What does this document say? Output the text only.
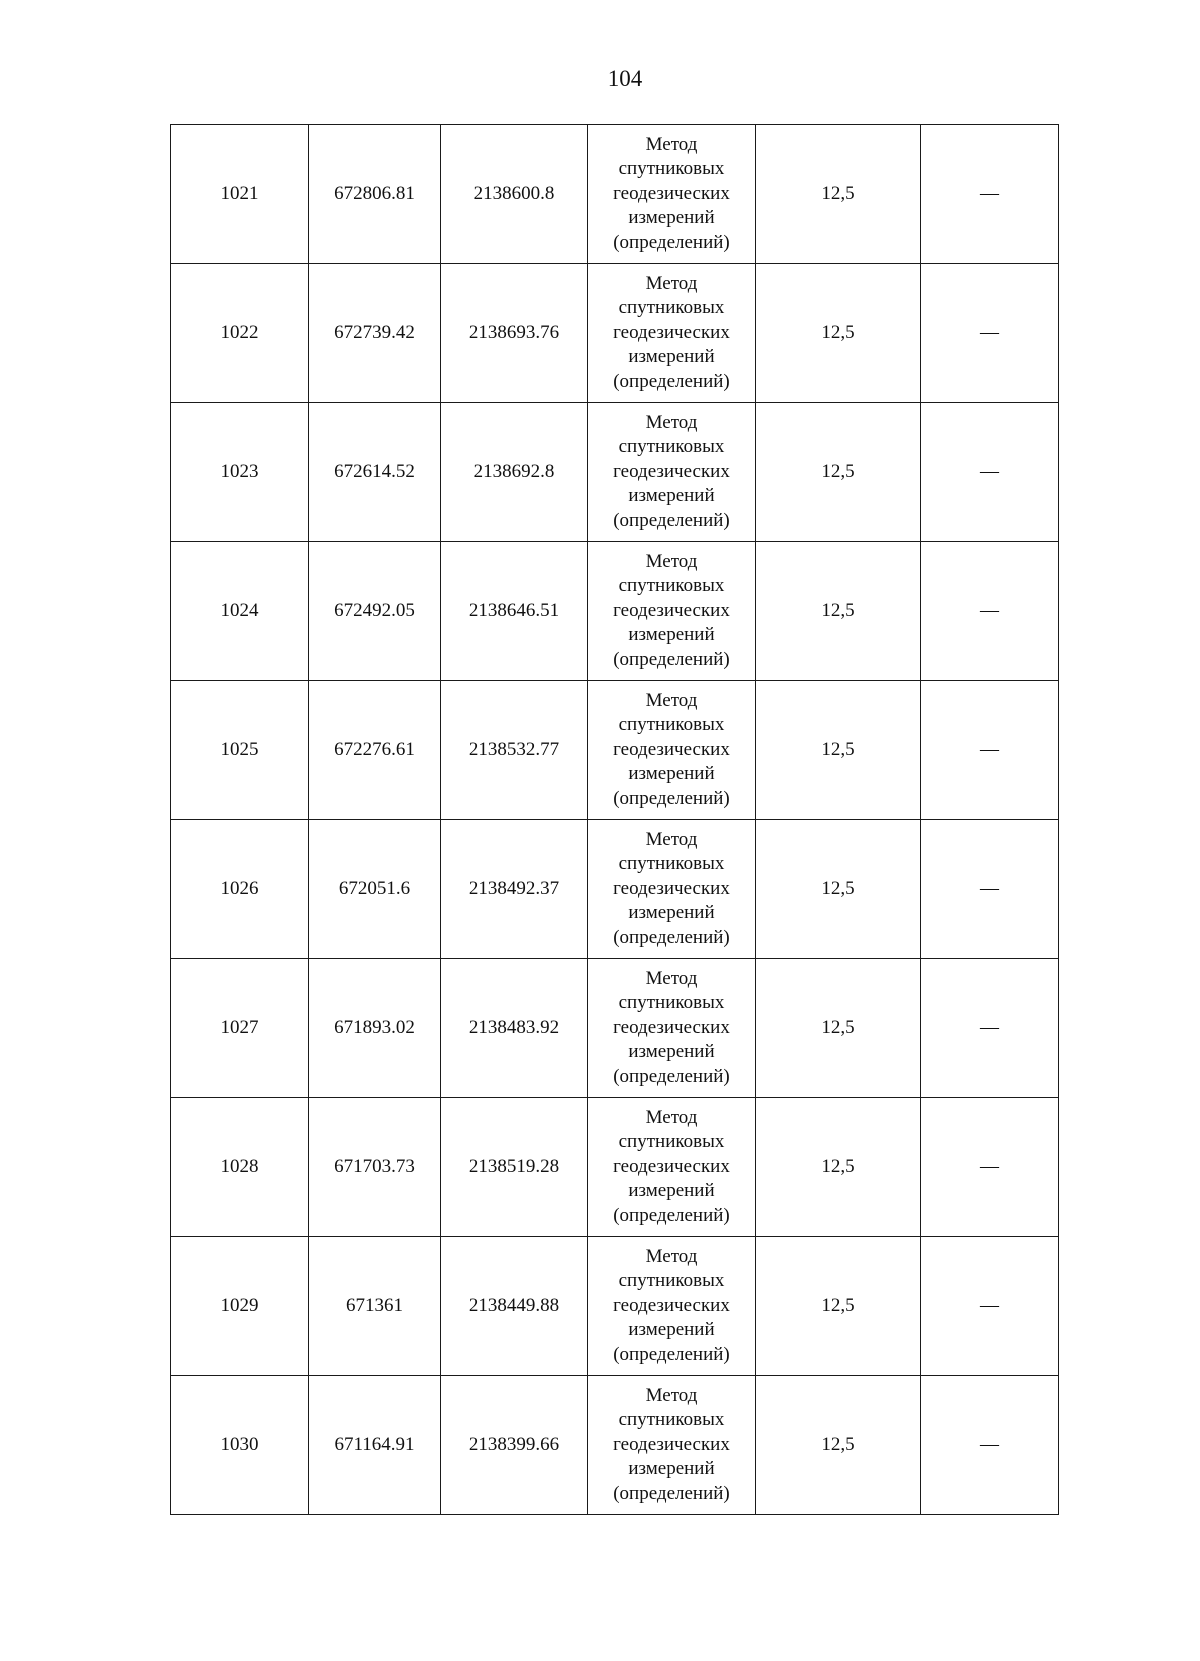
104
1021	672806.81	2138600.8	Метод
спутниковых
геодезических
измерений
(определений)	12,5	—
1022	672739.42	2138693.76	Метод
спутниковых
геодезических
измерений
(определений)	12,5	—
1023	672614.52	2138692.8	Метод
спутниковых
геодезических
измерений
(определений)	12,5	—
1024	672492.05	2138646.51	Метод
спутниковых
геодезических
измерений
(определений)	12,5	—
1025	672276.61	2138532.77	Метод
спутниковых
геодезических
измерений
(определений)	12,5	—
1026	672051.6	2138492.37	Метод
спутниковых
геодезических
измерений
(определений)	12,5	—
1027	671893.02	2138483.92	Метод
спутниковых
геодезических
измерений
(определений)	12,5	—
1028	671703.73	2138519.28	Метод
спутниковых
геодезических
измерений
(определений)	12,5	—
1029	671361	2138449.88	Метод
спутниковых
геодезических
измерений
(определений)	12,5	—
1030	671164.91	2138399.66	Метод
спутниковых
геодезических
измерений
(определений)	12,5	—
